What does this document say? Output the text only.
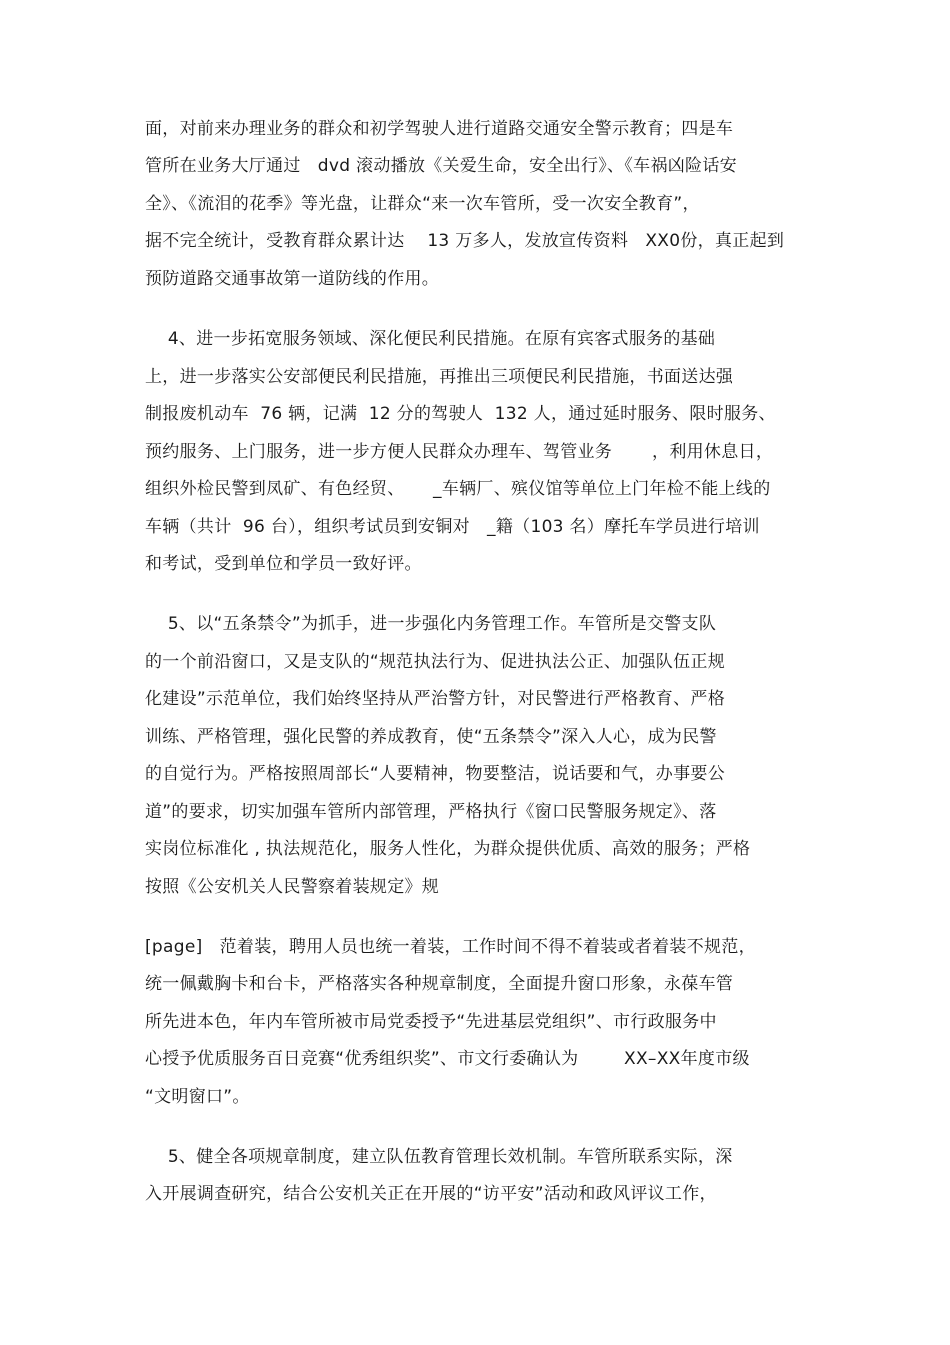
面，对前来办理业务的群众和初学驾驶人进行道路交通安全警示教育；四是车
管所在业务大厅通过   dvd 滚动播放《关爱生命，安全出行》、《车祸凶险话安
全》、《流泪的花季》等光盘，让群众“来一次车管所，受一次安全教育”，
据不完全统计，受教育群众累计达    13 万多人，发放宣传资料   XX0份，真正起到
预防道路交通事故第一道防线的作用。
4、进一步拓宽服务领域、深化便民利民措施。在原有宾客式服务的基础
上，进一步落实公安部便民利民措施，再推出三项便民利民措施，书面送达强
制报废机动车  76 辆，记满  12 分的驾驶人  132 人，通过延时服务、限时服务、
预约服务、上门服务，进一步方便人民群众办理车、驾管业务       ，利用休息日，
组织外检民警到凤矿、有色经贸、     _车辆厂、殡仪馆等单位上门年检不能上线的
车辆（共计  96 台），组织考试员到安铜对   _籍（103 名）摩托车学员进行培训
和考试，受到单位和学员一致好评。
5、以“五条禁令”为抓手，进一步强化内务管理工作。车管所是交警支队
的一个前沿窗口，又是支队的“规范执法行为、促进执法公正、加强队伍正规
化建设”示范单位，我们始终坚持从严治警方针，对民警进行严格教育、严格
训练、严格管理，强化民警的养成教育，使“五条禁令”深入人心，成为民警
的自觉行为。严格按照周部长“人要精神，物要整洁，说话要和气，办事要公
道”的要求，切实加强车管所内部管理，严格执行《窗口民警服务规定》、落
实岗位标准化 , 执法规范化，服务人性化，为群众提供优质、高效的服务；严格
按照《公安机关人民警察着装规定》规
[page]   范着装，聘用人员也统一着装，工作时间不得不着装或者着装不规范，
统一佩戴胸卡和台卡，严格落实各种规章制度，全面提升窗口形象，永葆车管
所先进本色，年内车管所被市局党委授予“先进基层党组织”、市行政服务中
心授予优质服务百日竞赛“优秀组织奖”、市文行委确认为        XX–XX年度市级
“文明窗口”。
5、健全各项规章制度，建立队伍教育管理长效机制。车管所联系实际，深
入开展调查研究，结合公安机关正在开展的“访平安”活动和政风评议工作，
